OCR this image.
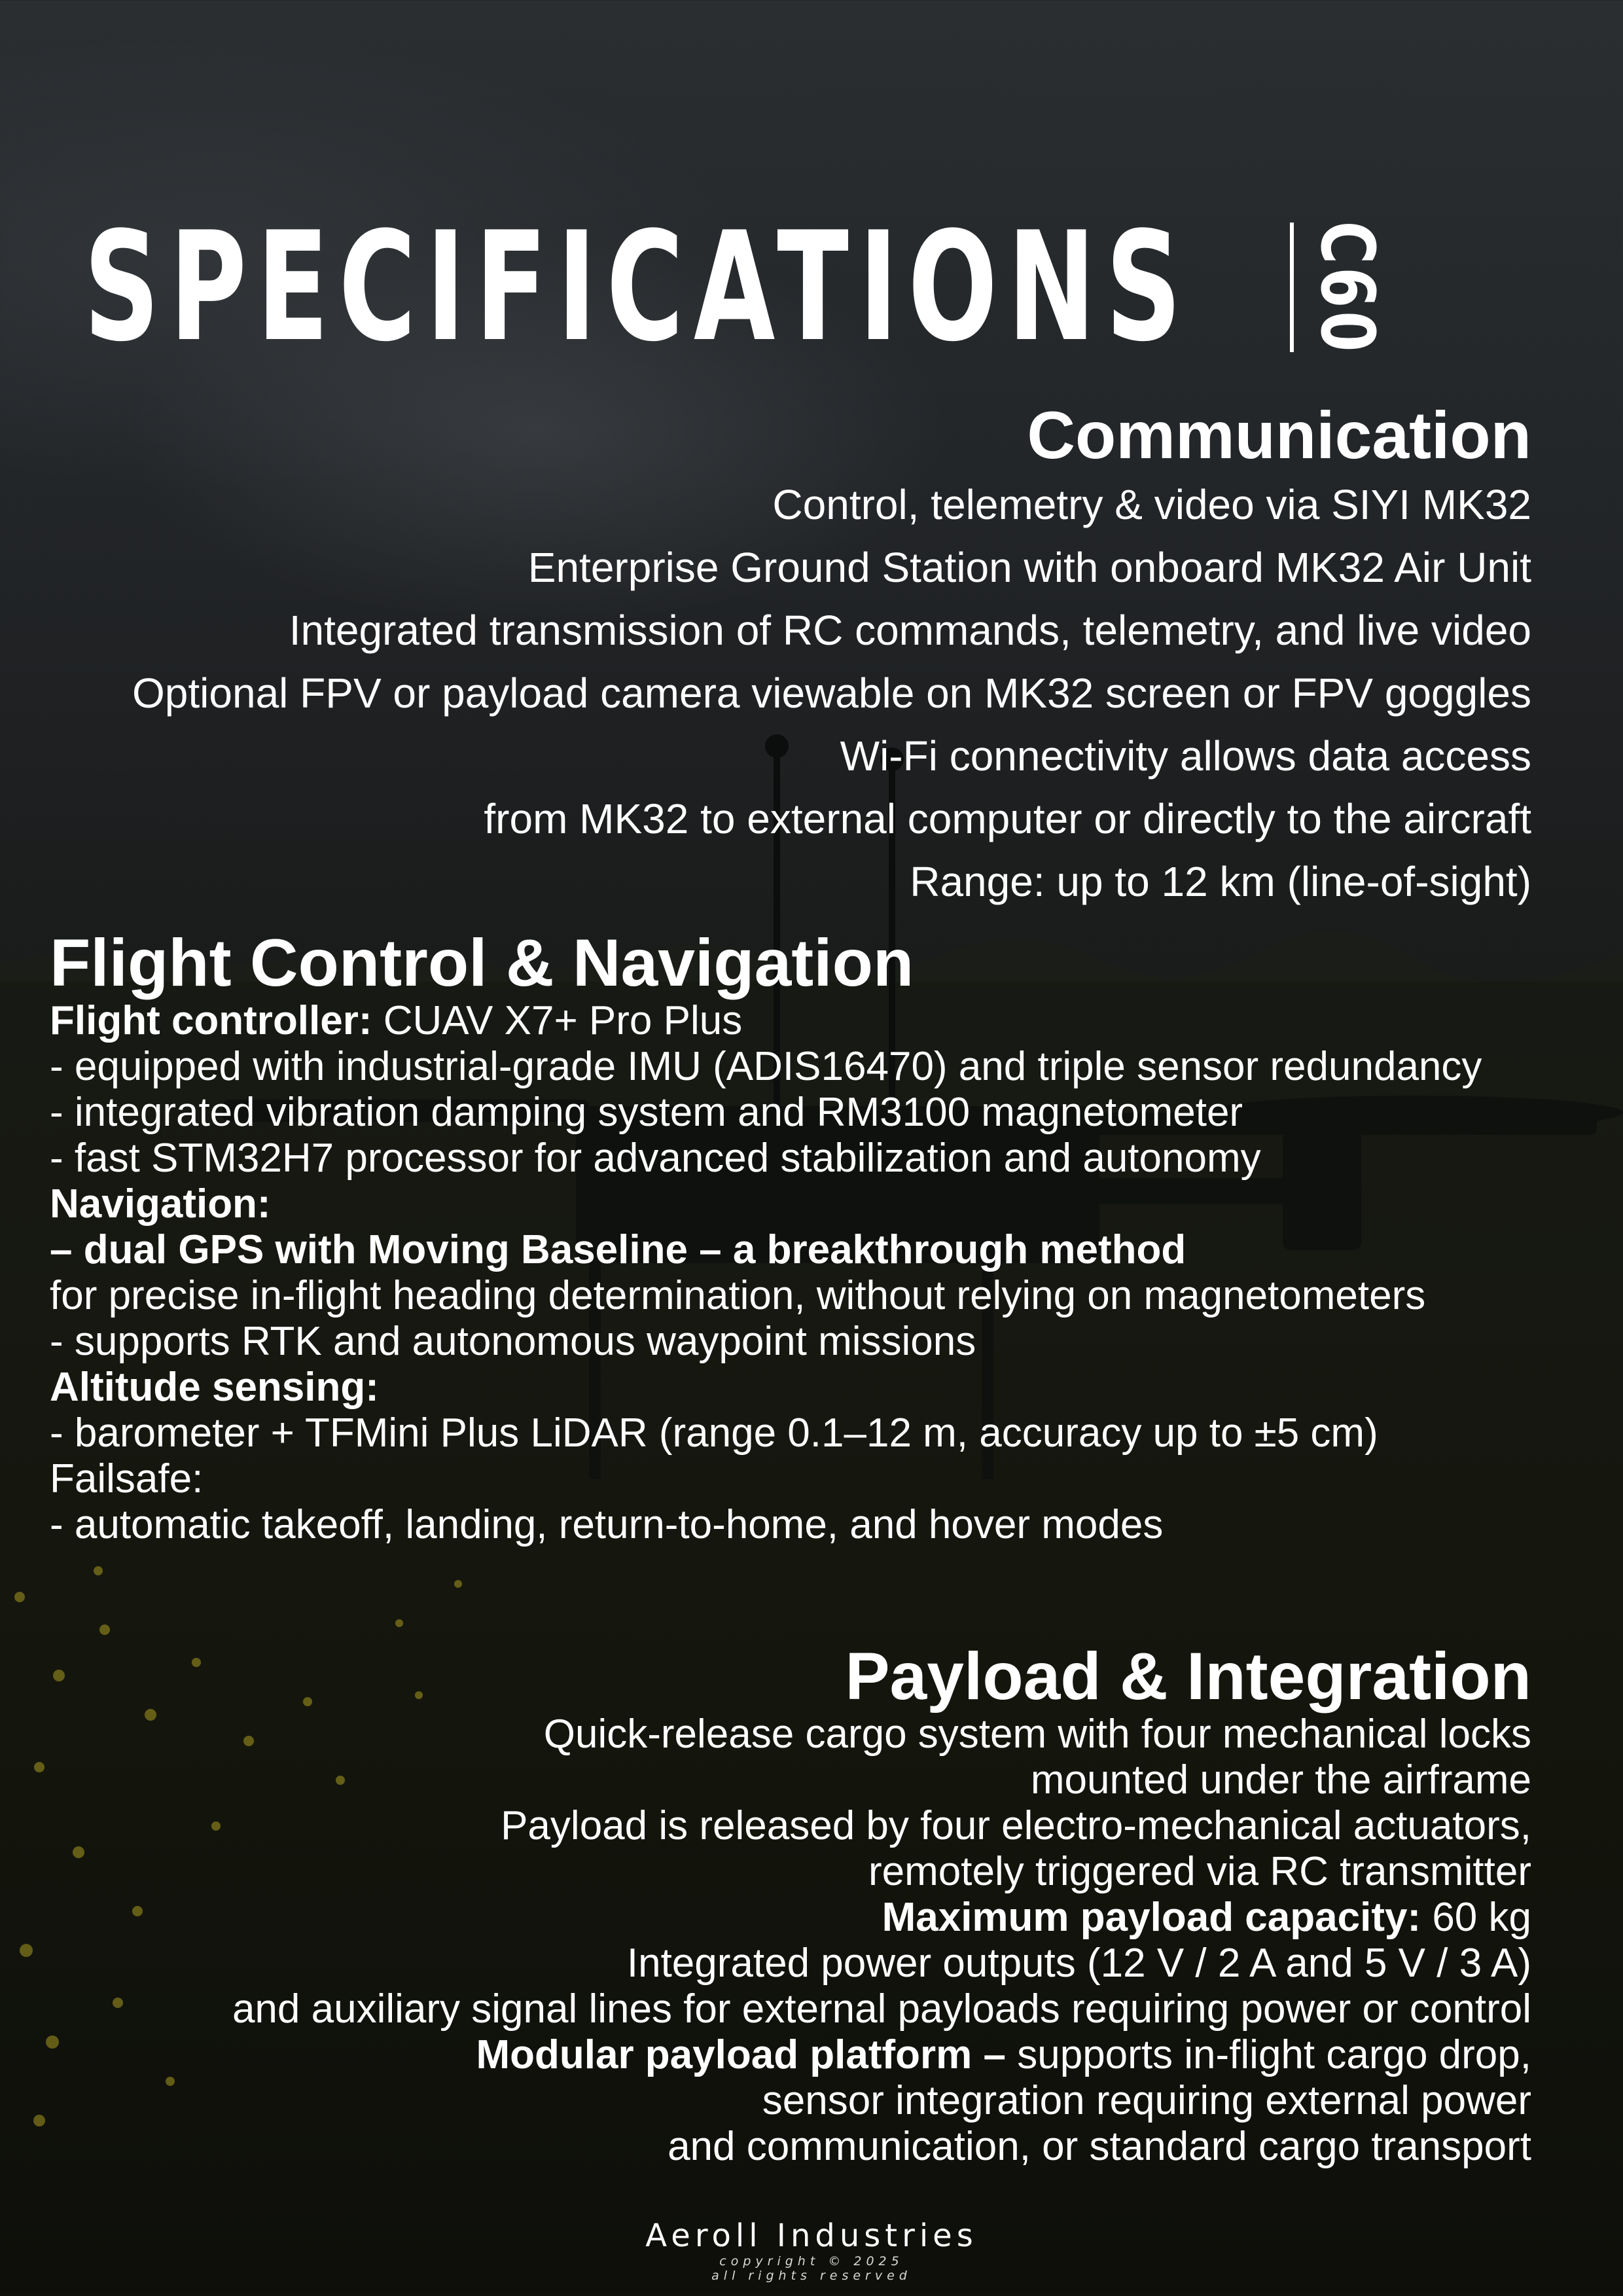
SPECIFICATIONS C60
Communication
Control, telemetry & video via SIYI MK32
Enterprise Ground Station with onboard MK32 Air Unit
Integrated transmission of RC commands, telemetry, and live video
Optional FPV or payload camera viewable on MK32 screen or FPV goggles
Wi-Fi connectivity allows data access
from MK32 to external computer or directly to the aircraft
Range: up to 12 km (line-of-sight)
Flight Control & Navigation
Flight controller: CUAV X7+ Pro Plus
- equipped with industrial-grade IMU (ADIS16470) and triple sensor redundancy
- integrated vibration damping system and RM3100 magnetometer
- fast STM32H7 processor for advanced stabilization and autonomy
Navigation:
– dual GPS with Moving Baseline – a breakthrough method
for precise in-flight heading determination, without relying on magnetometers
- supports RTK and autonomous waypoint missions
Altitude sensing:
- barometer + TFMini Plus LiDAR (range 0.1–12 m, accuracy up to ±5 cm)
Failsafe:
- automatic takeoff, landing, return-to-home, and hover modes
Payload & Integration
Quick-release cargo system with four mechanical locks
mounted under the airframe
Payload is released by four electro-mechanical actuators,
remotely triggered via RC transmitter
Maximum payload capacity: 60 kg
Integrated power outputs (12 V / 2 A and 5 V / 3 A)
and auxiliary signal lines for external payloads requiring power or control
Modular payload platform – supports in-flight cargo drop,
sensor integration requiring external power
and communication, or standard cargo transport
Aeroll Industries
copyright © 2025
all rights reserved
